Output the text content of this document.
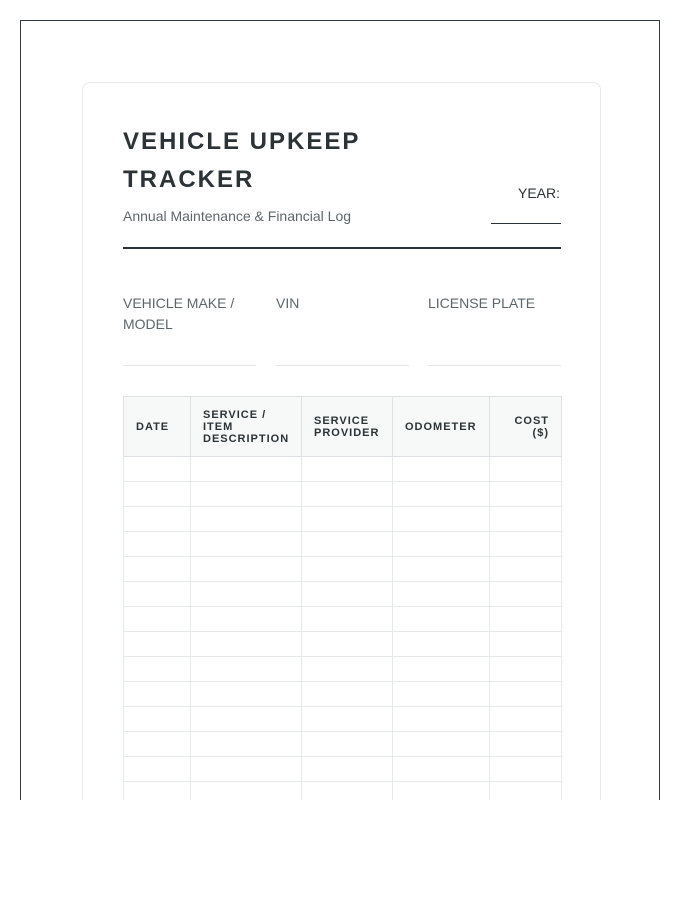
VEHICLE UPKEEP TRACKER
Annual Maintenance & Financial Log
YEAR:
VEHICLE MAKE / MODEL
VIN	LICENSE PLATE
DATE	SERVICE / ITEM DESCRIPTION	SERVICE PROVIDER	ODOMETER	COST ($)
